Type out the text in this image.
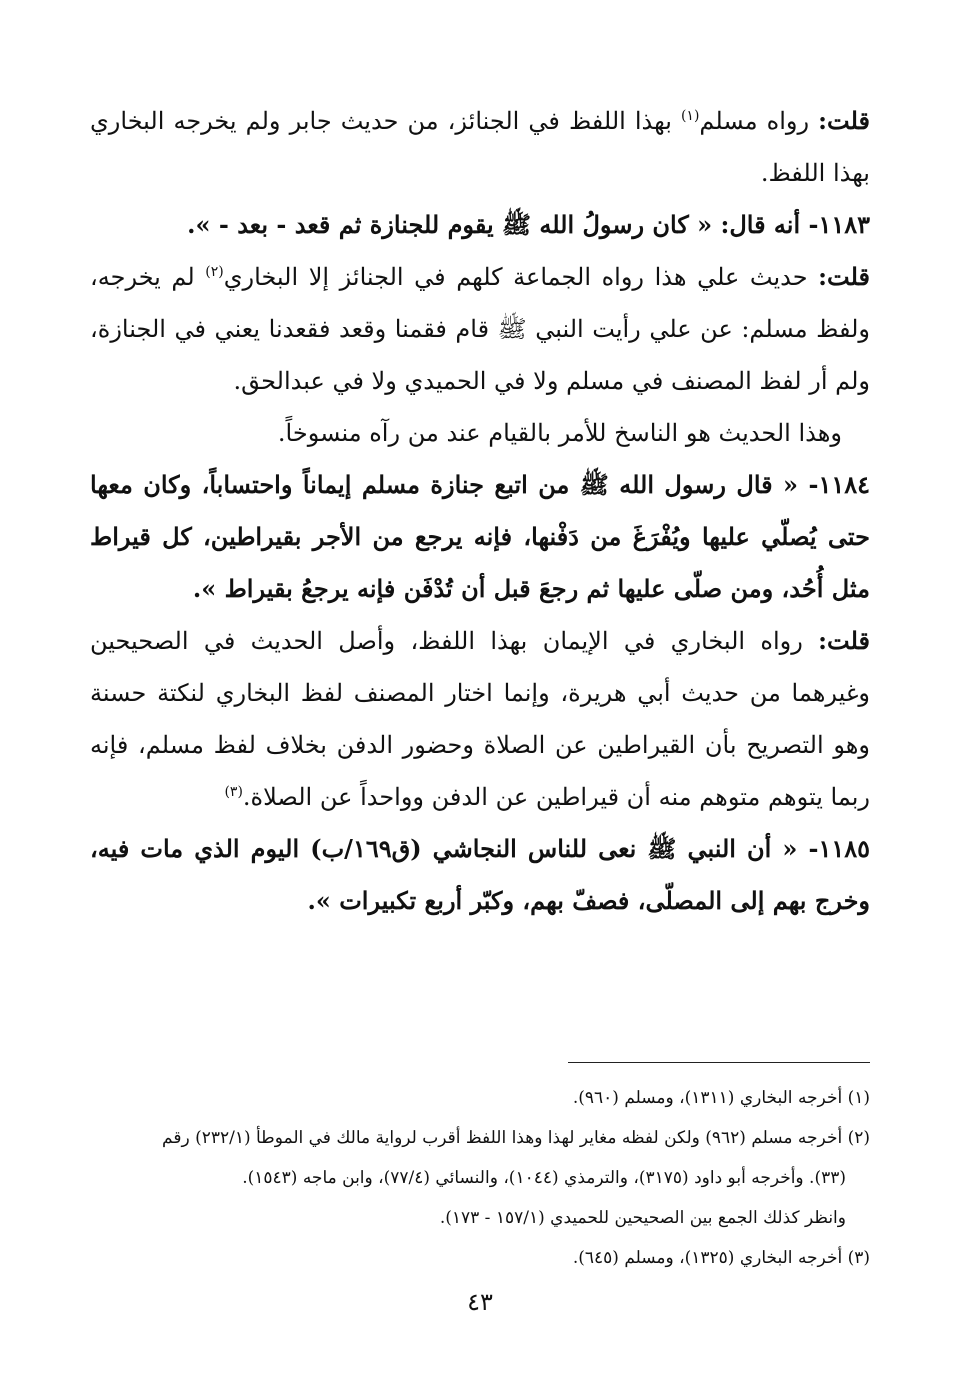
قلت: رواه مسلم$^{(١)}$ بهذا اللفظ في الجنائز، من حديث جابر ولم يخرجه البخاري بهذا اللفظ.

١١٨٣- أنه قال: « كان رسولُ الله ﷺ يقوم للجنازة ثم قعد - بعد - ».

قلت: حديث علي هذا رواه الجماعة كلهم في الجنائز إلا البخاري$^{(٢)}$ لم يخرجه، ولفظ مسلم: عن علي رأيت النبي ﷺ قام فقمنا وقعد فقعدنا يعني في الجنازة، ولم أر لفظ المصنف في مسلم ولا في الحميدي ولا في عبدالحق.

وهذا الحديث هو الناسخ للأمر بالقيام عند من رآه منسوخاً.

١١٨٤- « قال رسول الله ﷺ من اتبع جنازة مسلم إيماناً واحتساباً، وكان معها حتى يُصلّي عليها ويُفْرَغَ من دَفْنها، فإنه يرجع من الأجر بقيراطين، كل قيراط مثل أُحُد، ومن صلّى عليها ثم رجعَ قبل أن تُدْفَن فإنه يرجعُ بقيراط ».

قلت: رواه البخاري في الإيمان بهذا اللفظ، وأصل الحديث في الصحيحين وغيرهما من حديث أبي هريرة، وإنما اختار المصنف لفظ البخاري لنكتة حسنة وهو التصريح بأن القيراطين عن الصلاة وحضور الدفن بخلاف لفظ مسلم، فإنه ربما يتوهم متوهم منه أن قيراطين عن الدفن وواحداً عن الصلاة.$^{(٣)}$

١١٨٥- « أن النبي ﷺ نعى للناس النجاشي (ق١٦٩/ب) اليوم الذي مات فيه، وخرج بهم إلى المصلّى، فصفّ بهم، وكبّر أربع تكبيرات ».

(١) أخرجه البخاري (١٣١١)، ومسلم (٩٦٠).

(٢) أخرجه مسلم (٩٦٢) ولكن لفظه مغاير لهذا وهذا اللفظ أقرب لرواية مالك في الموطأ (٢٣٢/١) رقم

(٣٣). وأخرجه أبو داود (٣١٧٥)، والترمذي (١٠٤٤)، والنسائي (٧٧/٤)، وابن ماجه (١٥٤٣).

وانظر كذلك الجمع بين الصحيحين للحميدي (١٥٧/١ - ١٧٣).

(٣) أخرجه البخاري (١٣٢٥)، ومسلم (٦٤٥).

٤٣
